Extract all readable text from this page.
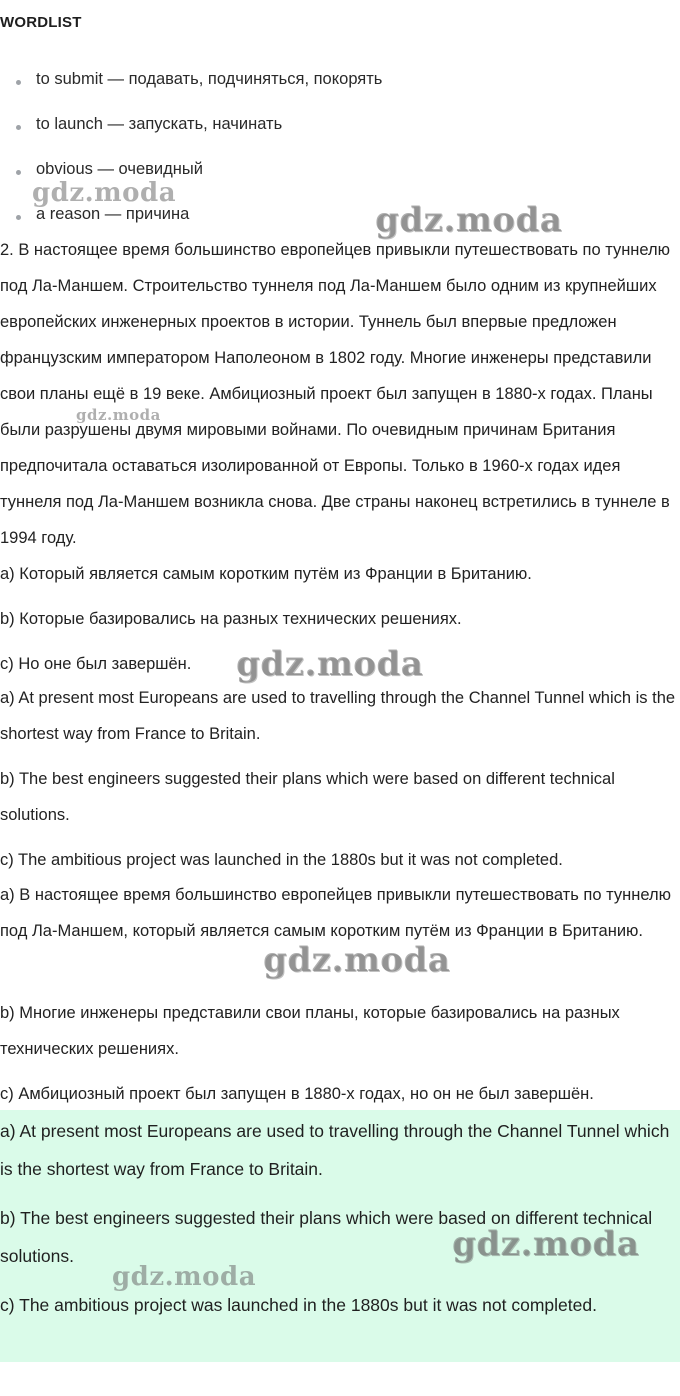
WORDLIST
to submit — подавать, подчиняться, покорять
to launch — запускать, начинать
obvious — очевидный
a reason — причина
2. В настоящее время большинство европейцев привыкли путешествовать по туннелю под Ла-Маншем. Строительство туннеля под Ла-Маншем было одним из крупнейших европейских инженерных проектов в истории. Туннель был впервые предложен французским императором Наполеоном в 1802 году. Многие инженеры представили свои планы ещё в 19 веке. Амбициозный проект был запущен в 1880-х годах. Планы были разрушены двумя мировыми войнами. По очевидным причинам Британия предпочитала оставаться изолированной от Европы. Только в 1960-х годах идея туннеля под Ла-Маншем возникла снова. Две страны наконец встретились в туннеле в 1994 году.
a) Который является самым коротким путём из Франции в Британию.
b) Которые базировались на разных технических решениях.
c) Но оне был завершён.
a) At present most Europeans are used to travelling through the Channel Tunnel which is the shortest way from France to Britain.
b) The best engineers suggested their plans which were based on different technical solutions.
c) The ambitious project was launched in the 1880s but it was not completed.
a) В настоящее время большинство европейцев привыкли путешествовать по туннелю под Ла-Маншем, который является самым коротким путём из Франции в Британию.
b) Многие инженеры представили свои планы, которые базировались на разных технических решениях.
c) Амбициозный проект был запущен в 1880-х годах, но он не был завершён.
a) At present most Europeans are used to travelling through the Channel Tunnel which is the shortest way from France to Britain.
b) The best engineers suggested their plans which were based on different technical solutions.
c) The ambitious project was launched in the 1880s but it was not completed.
gdz.moda
gdz.moda
gdz.moda
gdz.moda
gdz.moda
gdz.moda
gdz.moda
